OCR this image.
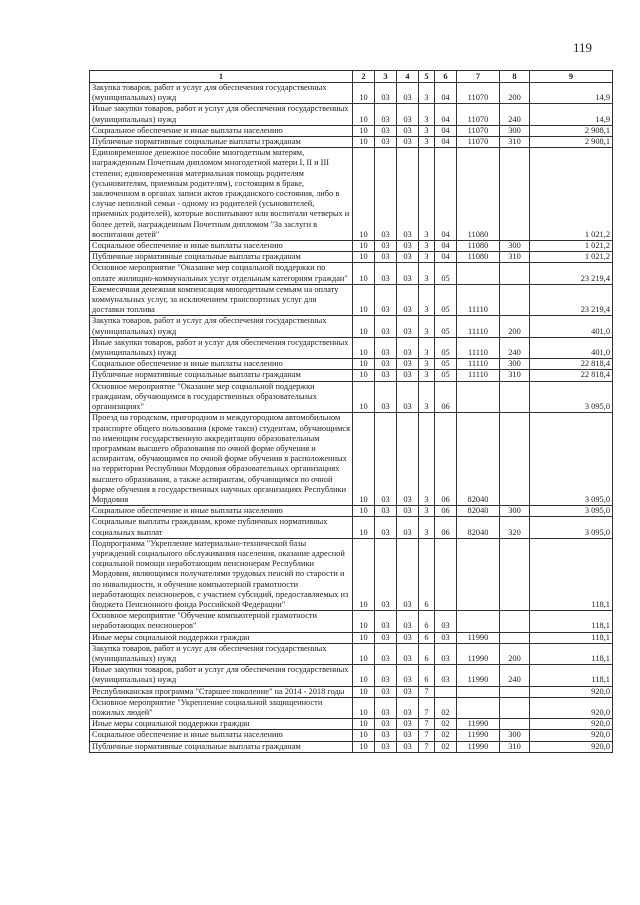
119
1	2	3	4	5	6	7	8	9
Закупка товаров, работ и услуг для обеспечения государственных (муниципальных) нужд	10	03	03	3	04	11070	200	14,9
Иные закупки товаров, работ и услуг для обеспечения государственных (муниципальных) нужд	10	03	03	3	04	11070	240	14,9
Социальное обеспечение и иные выплаты населению	10	03	03	3	04	11070	300	2 908,1
Публичные нормативные социальные выплаты гражданам	10	03	03	3	04	11070	310	2 908,1
Единовременное денежное пособие многодетным матерям, награжденным Почетным дипломом многодетной матери I, II и III степени; единовременная материальная помощь родителям (усыновителям, приемным родителям), состоящим в браке, заключенном в органах записи актов гражданского состояния, либо в случае неполной семьи - одному из родителей (усыновителей, приемных родителей), которые воспитывают или воспитали четверых и более детей, награжденным Почетным дипломом "За заслуги в воспитании детей"	10	03	03	3	04	11080		1 021,2
Социальное обеспечение и иные выплаты населению	10	03	03	3	04	11080	300	1 021,2
Публичные нормативные социальные выплаты гражданам	10	03	03	3	04	11080	310	1 021,2
Основное мероприятие "Оказание мер социальной поддержки по оплате жилищно-коммунальных услуг отдельным категориям граждан"	10	03	03	3	05			23 219,4
Ежемесячная денежная компенсация многодетным семьям на оплату коммунальных услуг, за исключением транспортных услуг для доставки топлива	10	03	03	3	05	11110		23 219,4
Закупка товаров, работ и услуг для обеспечения государственных (муниципальных) нужд	10	03	03	3	05	11110	200	401,0
Иные закупки товаров, работ и услуг для обеспечения государственных (муниципальных) нужд	10	03	03	3	05	11110	240	401,0
Социальное обеспечение и иные выплаты населению	10	03	03	3	05	11110	300	22 818,4
Публичные нормативные социальные выплаты гражданам	10	03	03	3	05	11110	310	22 818,4
Основное мероприятие "Оказание мер социальной поддержки гражданам, обучающимся в государственных образовательных организациях"	10	03	03	3	06			3 095,0
Проезд на городском, пригородном и междугородном автомобильном транспорте общего пользования (кроме такси) студентам, обучающимся по имеющим государственную аккредитацию образовательным программам высшего образования по очной форме обучения и аспирантам, обучающимся по очной форме обучения в расположенных на территории Республики Мордовия образовательных организациях высшего образования, а также аспирантам, обучающимся по очной форме обучения в государственных научных организациях Республики Мордовия	10	03	03	3	06	82040		3 095,0
Социальное обеспечение и иные выплаты населению	10	03	03	3	06	82040	300	3 095,0
Социальные выплаты гражданам, кроме публичных нормативных социальных выплат	10	03	03	3	06	82040	320	3 095,0
Подпрограмма "Укрепление материально-технической базы учреждений социального обслуживания населения, оказание адресной социальной помощи неработающим пенсионерам Республики Мордовия, являющимся получателями трудовых пенсий по старости и по инвалидности, и обучение компьютерной грамотности неработающих пенсионеров, с участием субсидий, предоставляемых из бюджета Пенсионного фонда Российской Федерации"	10	03	03	6				118,1
Основное мероприятие "Обучение компьютерной грамотности неработающих пенсионеров"	10	03	03	6	03			118,1
Иные меры социальной поддержки граждан	10	03	03	6	03	11990		118,1
Закупка товаров, работ и услуг для обеспечения государственных (муниципальных) нужд	10	03	03	6	03	11990	200	118,1
Иные закупки товаров, работ и услуг для обеспечения государственных (муниципальных) нужд	10	03	03	6	03	11990	240	118,1
Республиканская программа "Старшее поколение" на 2014 - 2018 годы	10	03	03	7				920,0
Основное мероприятие "Укрепление социальной защищенности пожилых людей"	10	03	03	7	02			920,0
Иные меры социальной поддержки граждан	10	03	03	7	02	11990		920,0
Социальное обеспечение и иные выплаты населению	10	03	03	7	02	11990	300	920,0
Публичные нормативные социальные выплаты гражданам	10	03	03	7	02	11990	310	920,0
